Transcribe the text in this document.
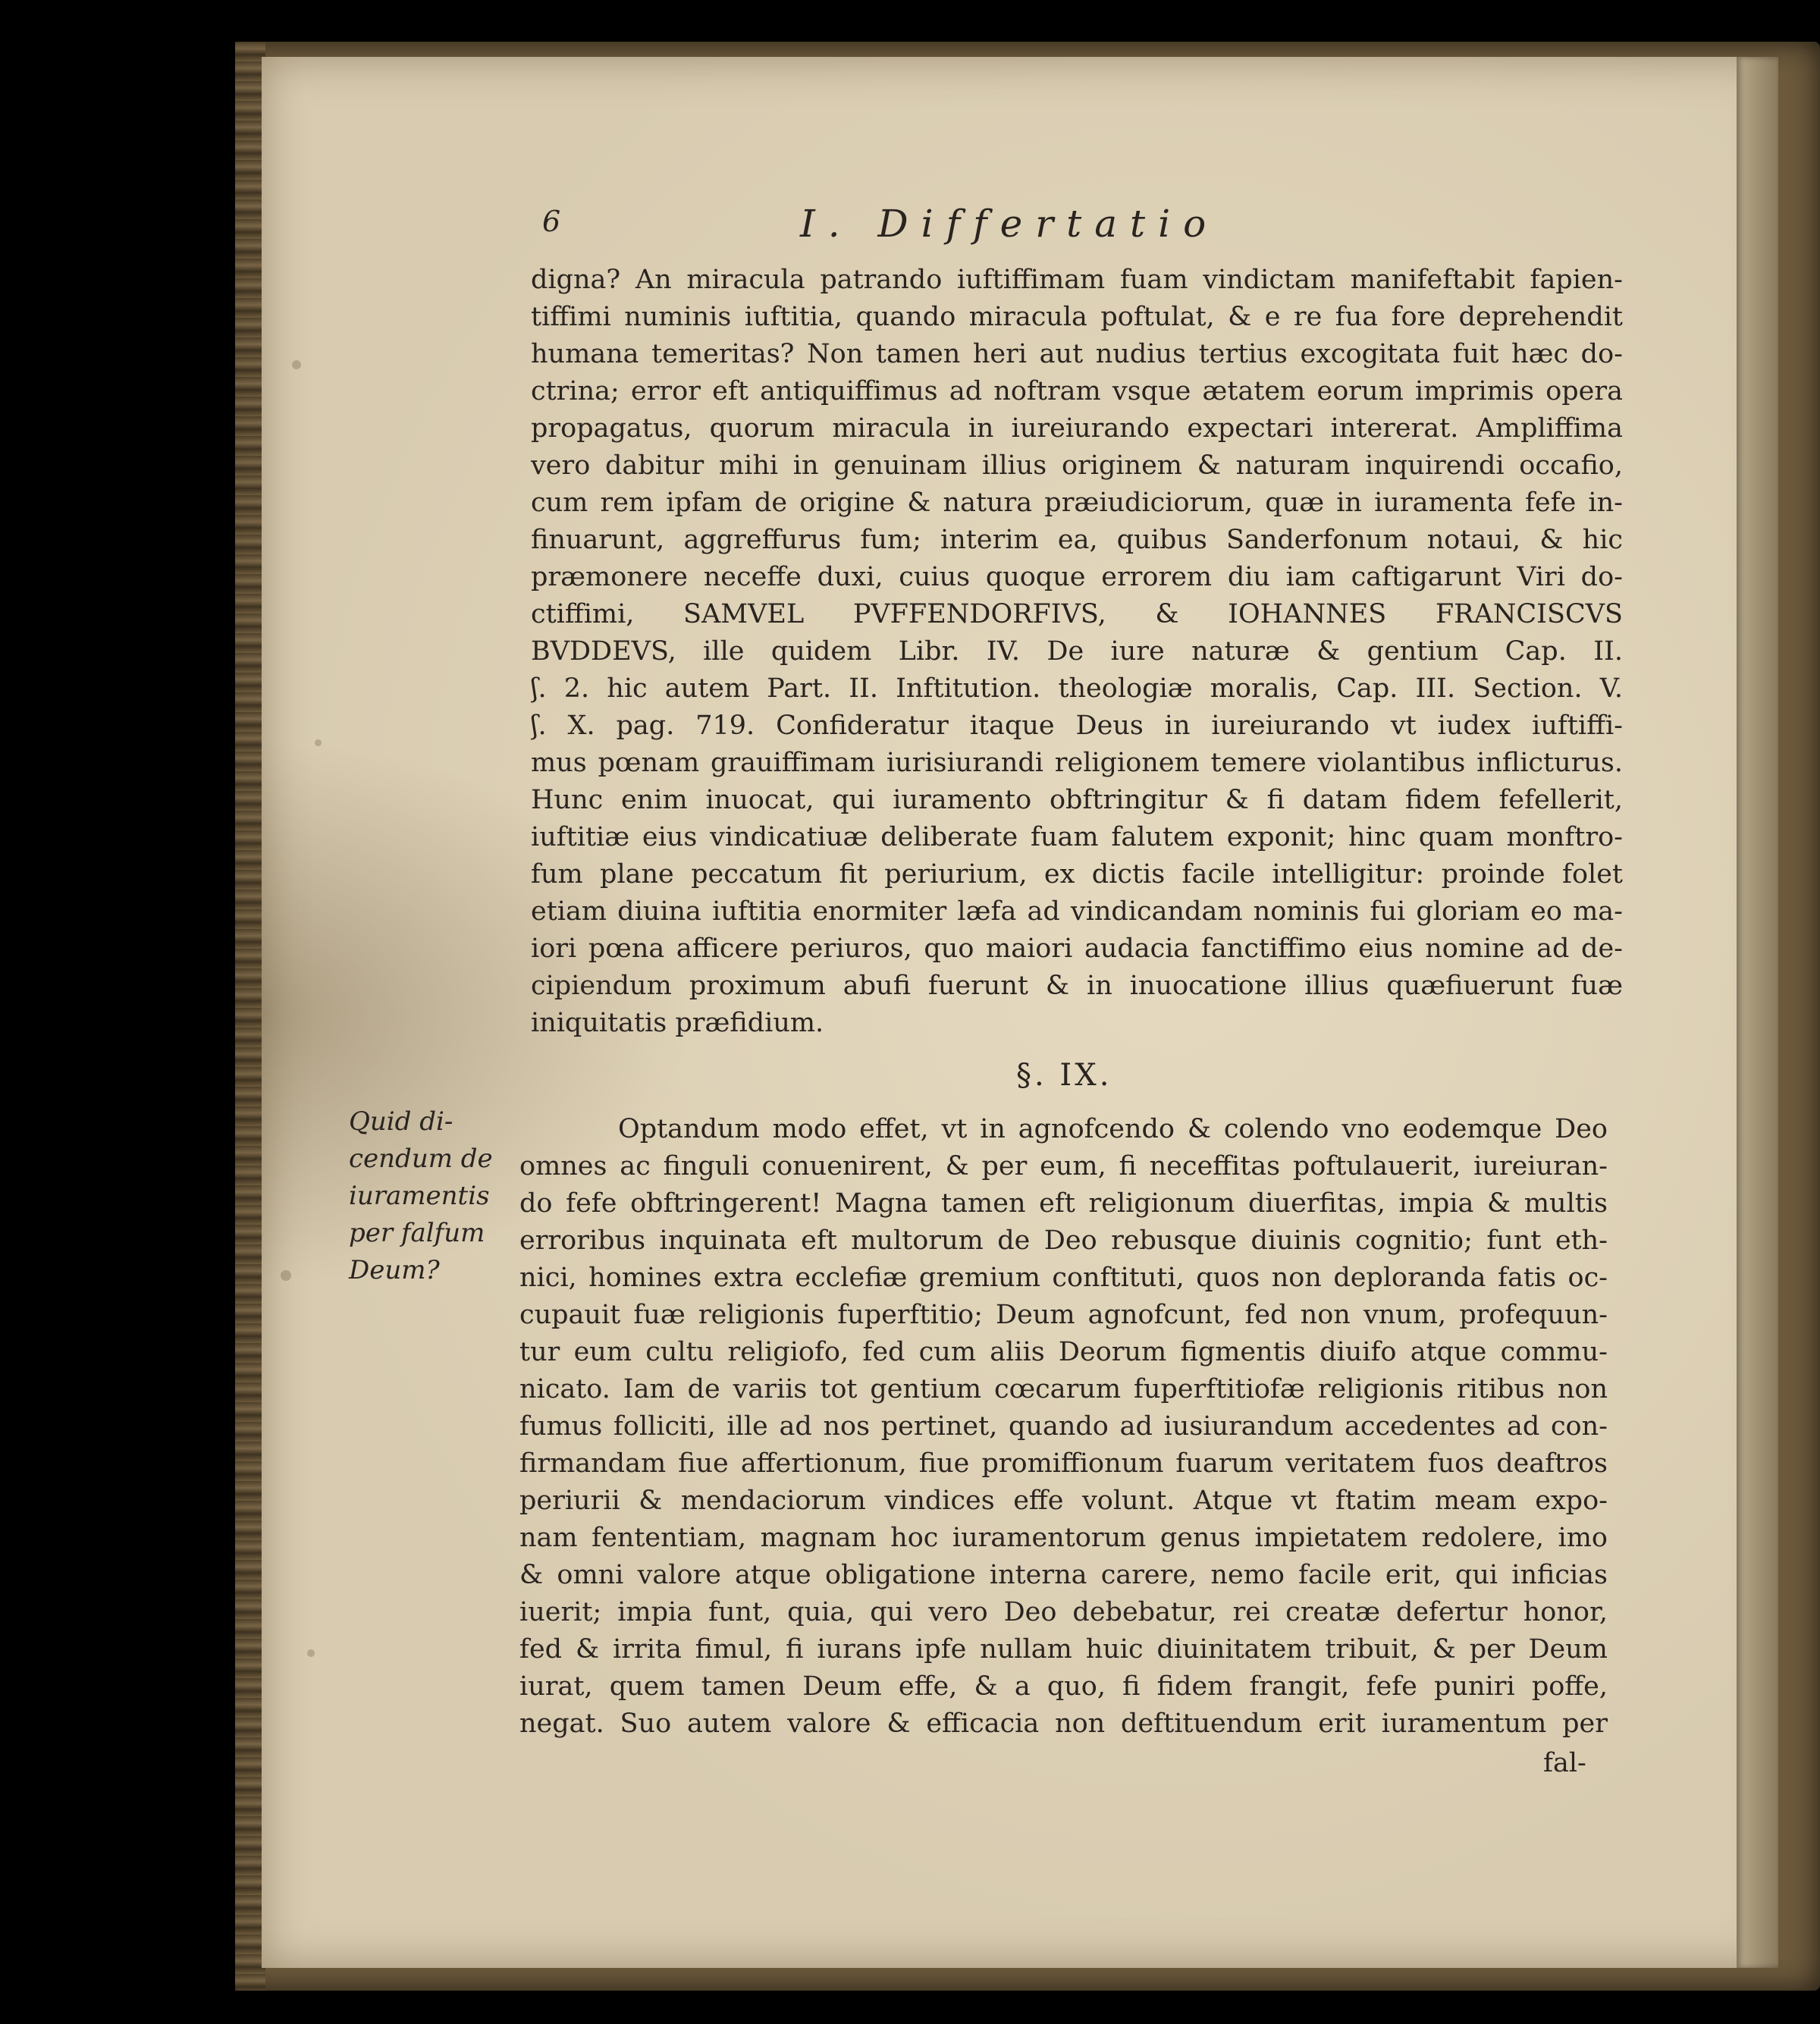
6	I. Differtatio
digna? An miracula patrando iuftiffimam fuam vindictam manifeftabit fapien-
tiffimi numinis iuftitia, quando miracula poftulat, & e re fua fore deprehendit
humana temeritas? Non tamen heri aut nudius tertius excogitata fuit hæc do-
ctrina; error eft antiquiffimus ad noftram vsque ætatem eorum imprimis opera
propagatus, quorum miracula in iureiurando expectari intererat. Ampliffima
vero dabitur mihi in genuinam illius originem & naturam inquirendi occafio,
cum rem ipfam de origine & natura præiudiciorum, quæ in iuramenta fefe in-
finuarunt, aggreffurus fum; interim ea, quibus Sanderfonum notaui, & hic
præmonere neceffe duxi, cuius quoque errorem diu iam caftigarunt Viri do-
ctiffimi, SAMVEL PVFFENDORFIVS, & IOHANNES FRANCISCVS
BVDDEVS, ille quidem Libr. IV. De iure naturæ & gentium Cap. II.
ʃ. 2. hic autem Part. II. Inftitution. theologiæ moralis, Cap. III. Section. V.
ʃ. X. pag. 719. Confideratur itaque Deus in iureiurando vt iudex iuftiffi-
mus pœnam grauiffimam iurisiurandi religionem temere violantibus inflicturus.
Hunc enim inuocat, qui iuramento obftringitur & fi datam fidem fefellerit,
iuftitiæ eius vindicatiuæ deliberate fuam falutem exponit; hinc quam monftro-
fum plane peccatum fit periurium, ex dictis facile intelligitur: proinde folet
etiam diuina iuftitia enormiter læfa ad vindicandam nominis fui gloriam eo ma-
iori pœna afficere periuros, quo maiori audacia fanctiffimo eius nomine ad de-
cipiendum proximum abufi fuerunt & in inuocatione illius quæfiuerunt fuæ
iniquitatis præfidium.
§. IX.
Quid di-
cendum de
iuramentis
per falfum
Deum?
Optandum modo effet, vt in agnofcendo & colendo vno eodemque Deo
omnes ac finguli conuenirent, & per eum, fi neceffitas poftulauerit, iureiuran-
do fefe obftringerent! Magna tamen eft religionum diuerfitas, impia & multis
erroribus inquinata eft multorum de Deo rebusque diuinis cognitio; funt eth-
nici, homines extra ecclefiæ gremium conftituti, quos non deploranda fatis oc-
cupauit fuæ religionis fuperftitio; Deum agnofcunt, fed non vnum, profequun-
tur eum cultu religiofo, fed cum aliis Deorum figmentis diuifo atque commu-
nicato. Iam de variis tot gentium cœcarum fuperftitiofæ religionis ritibus non
fumus folliciti, ille ad nos pertinet, quando ad iusiurandum accedentes ad con-
firmandam fiue affertionum, fiue promiffionum fuarum veritatem fuos deaftros
periurii & mendaciorum vindices effe volunt. Atque vt ftatim meam expo-
nam fententiam, magnam hoc iuramentorum genus impietatem redolere, imo
& omni valore atque obligatione interna carere, nemo facile erit, qui inficias
iuerit; impia funt, quia, qui vero Deo debebatur, rei creatæ defertur honor,
fed & irrita fimul, fi iurans ipfe nullam huic diuinitatem tribuit, & per Deum
iurat, quem tamen Deum effe, & a quo, fi fidem frangit, fefe puniri poffe,
negat. Suo autem valore & efficacia non deftituendum erit iuramentum per
fal-
